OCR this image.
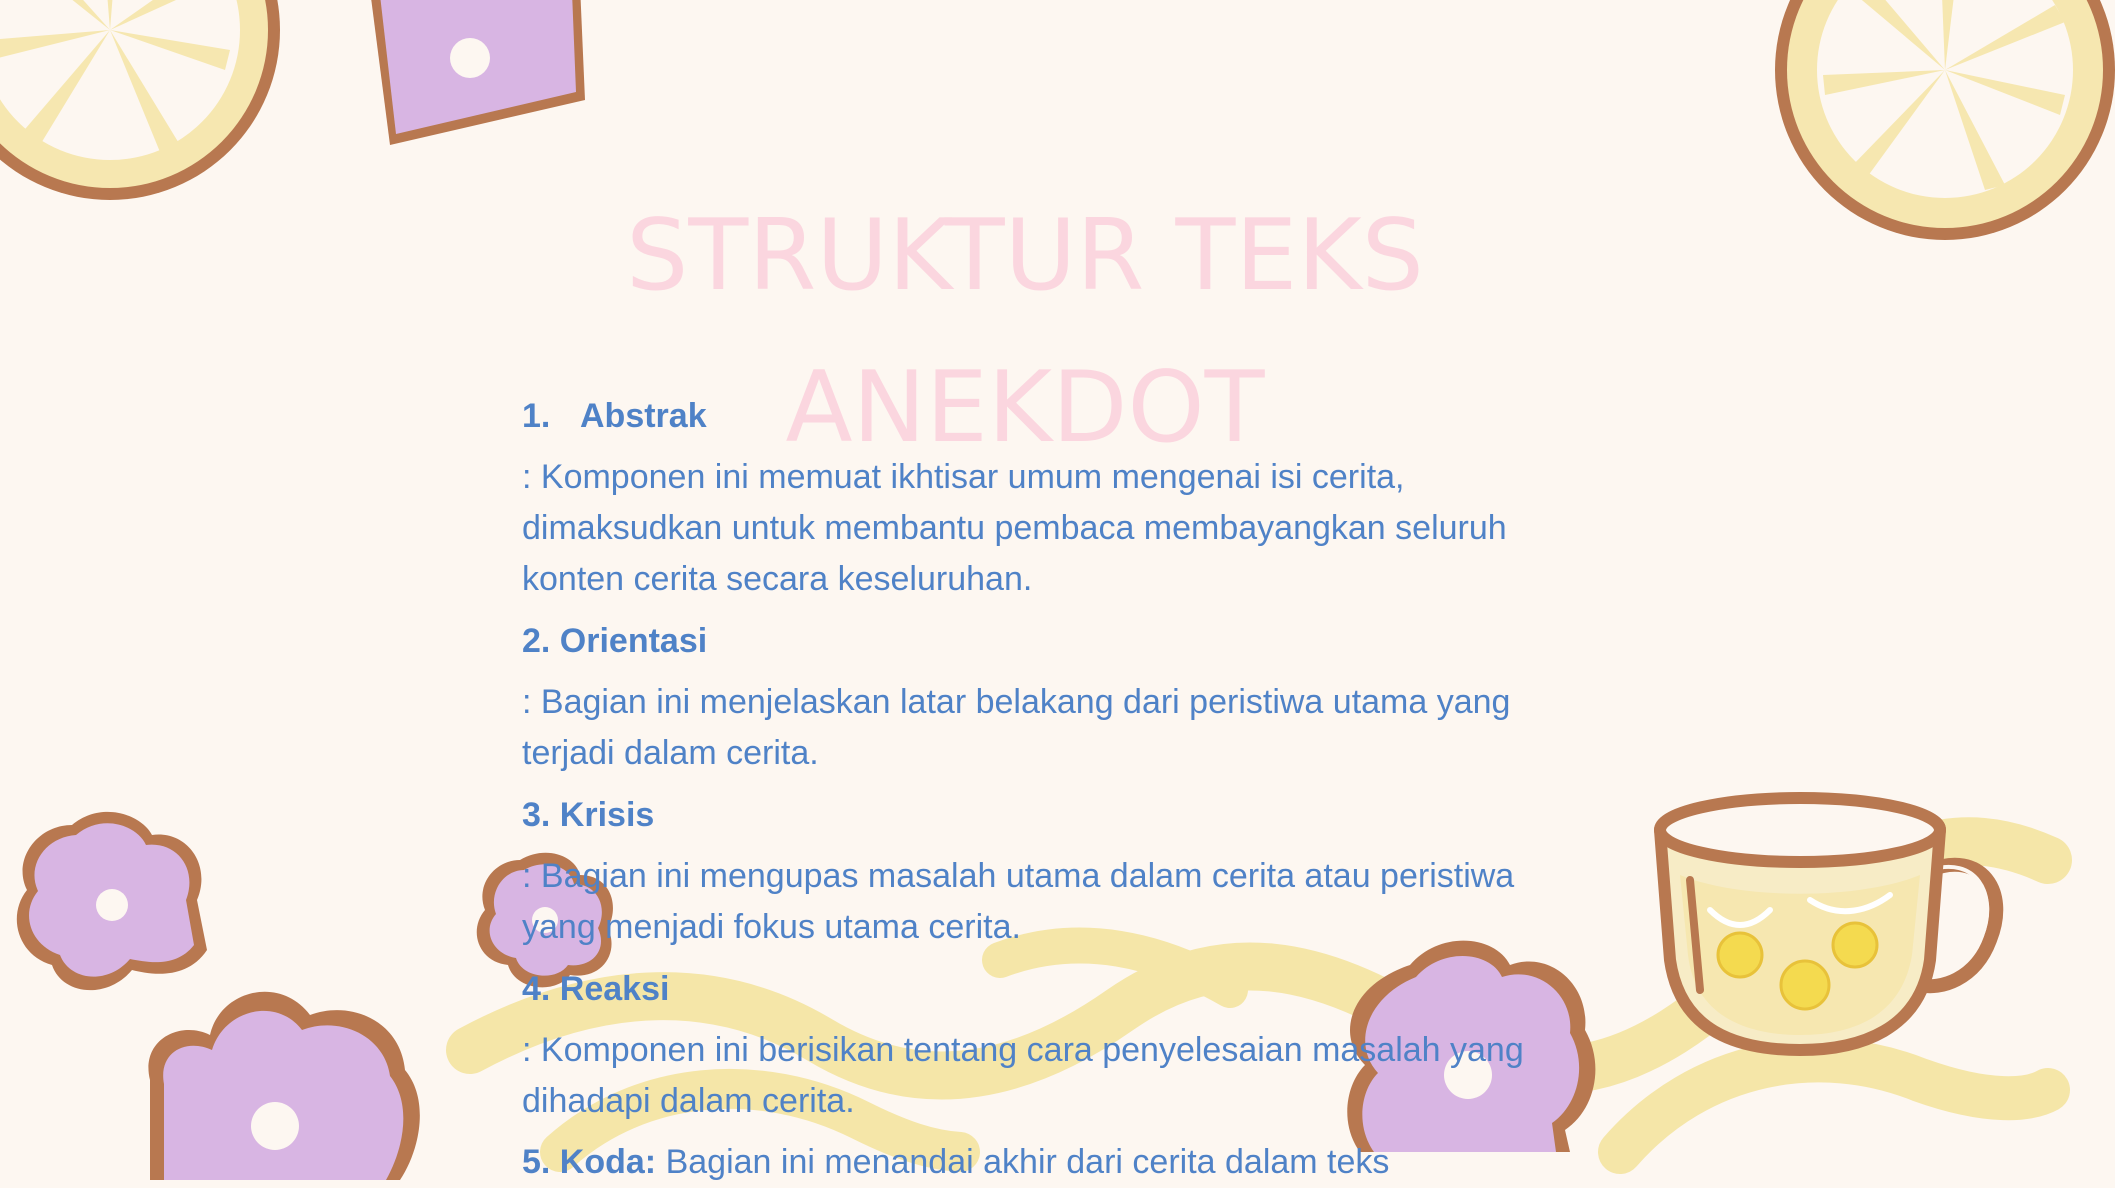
STRUKTUR TEKS
ANEKDOT
1. Abstrak

: Komponen ini memuat ikhtisar umum mengenai isi cerita, dimaksudkan untuk membantu pembaca membayangkan seluruh konten cerita secara keseluruhan.

2. Orientasi

: Bagian ini menjelaskan latar belakang dari peristiwa utama yang terjadi dalam cerita.

3. Krisis

: Bagian ini mengupas masalah utama dalam cerita atau peristiwa yang menjadi fokus utama cerita.

4. Reaksi

: Komponen ini berisikan tentang cara penyelesaian masalah yang dihadapi dalam cerita.

5. Koda: Bagian ini menandai akhir dari cerita dalam teks
